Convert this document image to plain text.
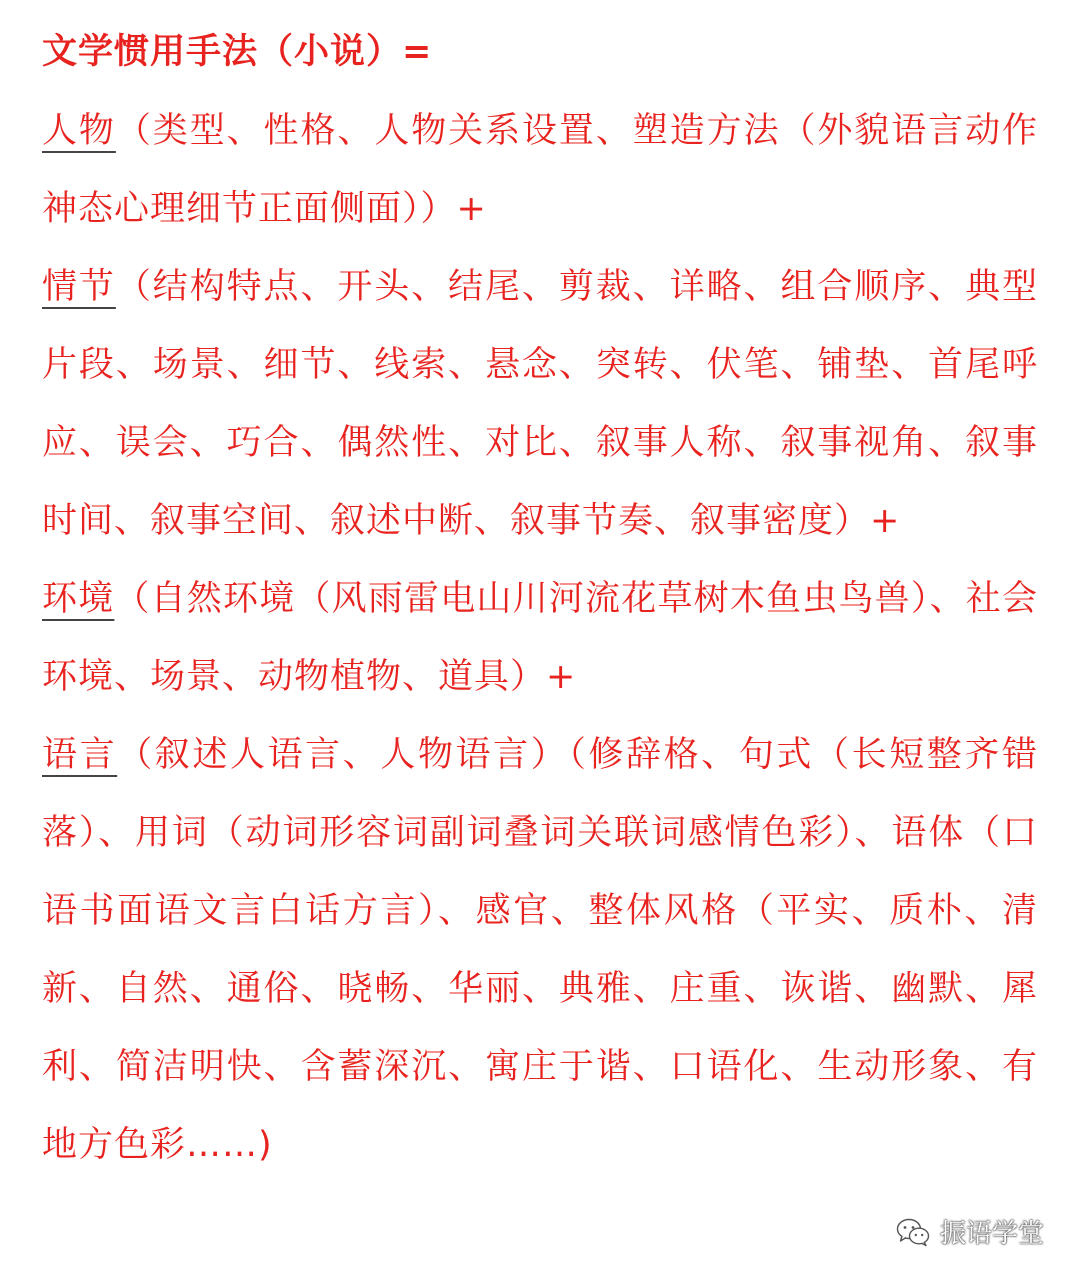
文学惯用手法（小说）=

人物（类型、性格、人物关系设置、塑造方法（外貌语言动作神态心理细节正面侧面））+

情节（结构特点、开头、结尾、剪裁、详略、组合顺序、典型片段、场景、细节、线索、悬念、突转、伏笔、铺垫、首尾呼应、误会、巧合、偶然性、对比、叙事人称、叙事视角、叙事时间、叙事空间、叙述中断、叙事节奏、叙事密度）+

环境（自然环境（风雨雷电山川河流花草树木鱼虫鸟兽）、社会环境、场景、动物植物、道具）+

语言（叙述人语言、人物语言）（修辞格、句式（长短整齐错落）、用词（动词形容词副词叠词关联词感情色彩）、语体（口语书面语文言白话方言）、感官、整体风格（平实、质朴、清新、自然、通俗、晓畅、华丽、典雅、庄重、诙谐、幽默、犀利、简洁明快、含蓄深沉、寓庄于谐、口语化、生动形象、有地方色彩……)

振语学堂
